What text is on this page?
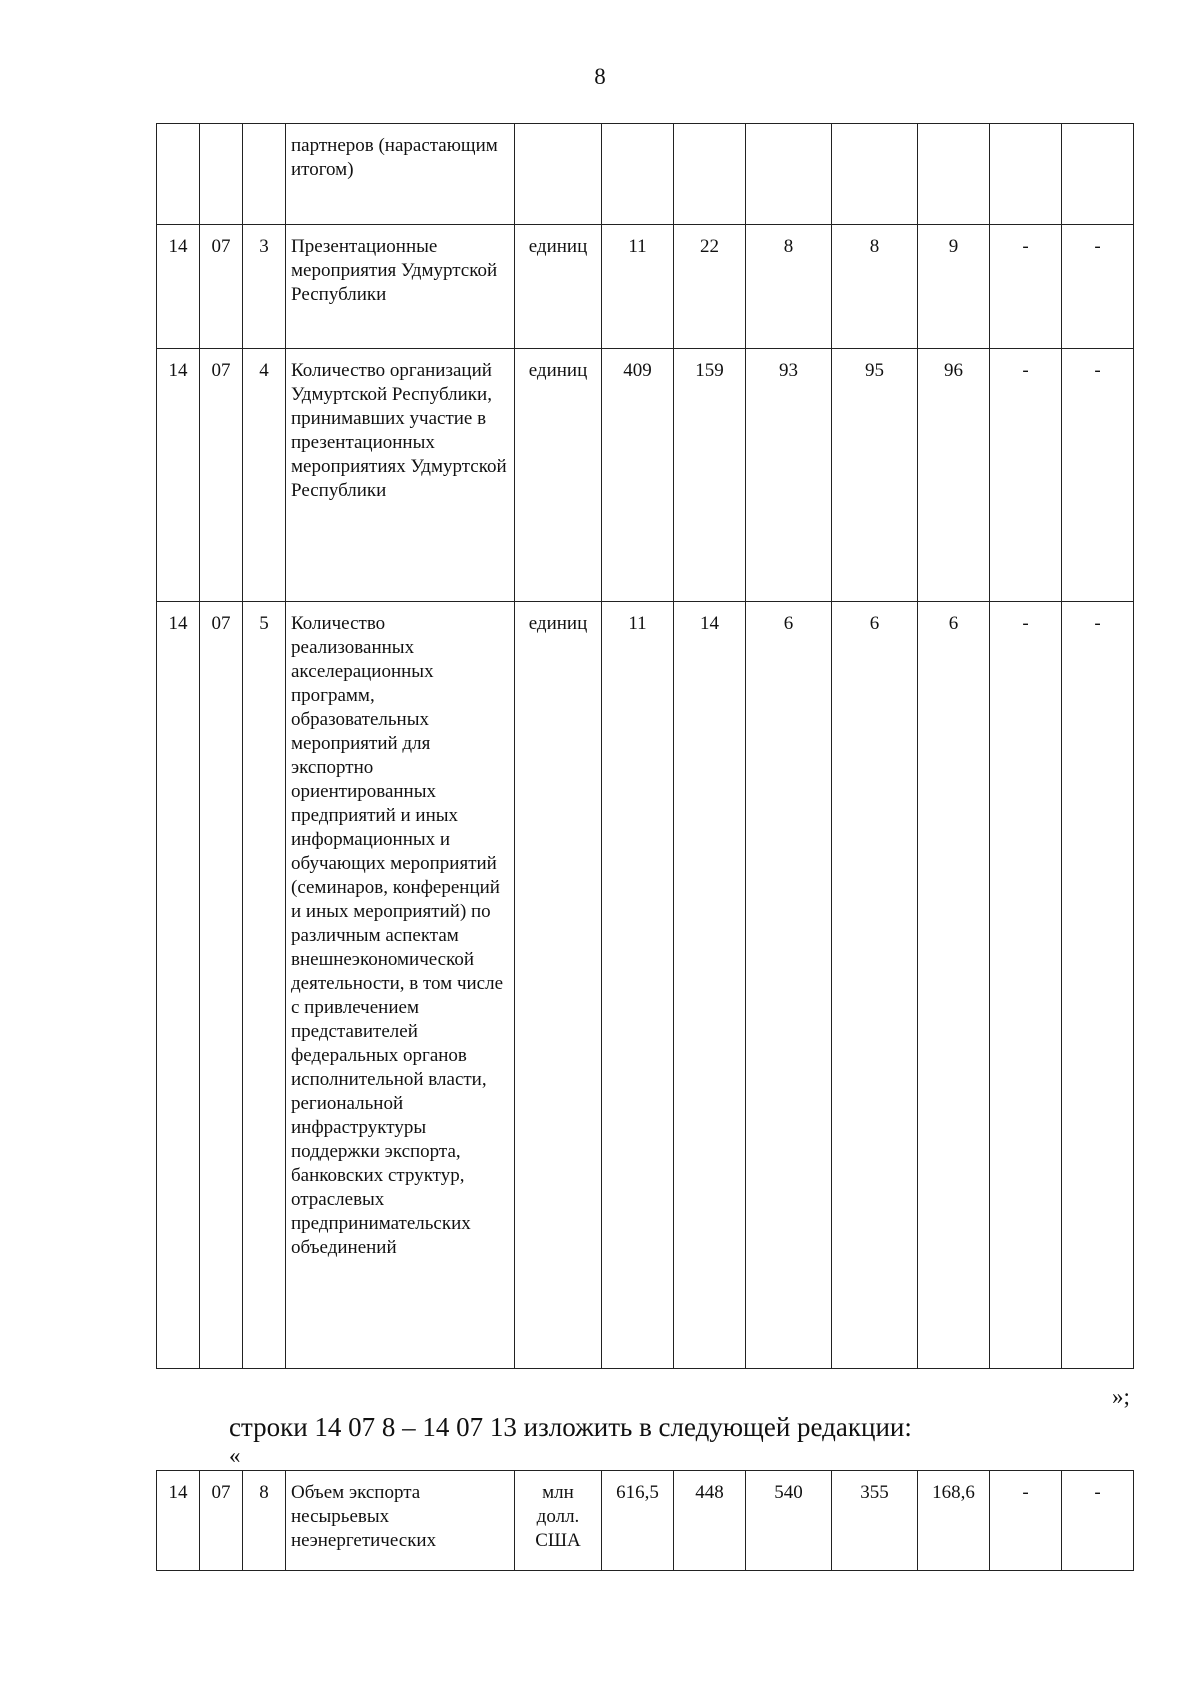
8
			партнеров (нарастающим итогом)								
14	07	3	Презентационные мероприятия Удмуртской Республики	единиц	11	22	8	8	9	-	-
14	07	4	Количество организаций Удмуртской Республики, принимавших участие в презентационных мероприятиях Удмуртской Республики	единиц	409	159	93	95	96	-	-
14	07	5	Количество реализованных акселерационных программ, образовательных мероприятий для экспортно ориентированных предприятий и иных информационных и обучающих мероприятий (семинаров, конференций и иных мероприятий) по различным аспектам внешнеэкономической деятельности, в том числе с привлечением представителей федеральных органов исполнительной власти, региональной инфраструктуры поддержки экспорта, банковских структур, отраслевых предпринимательских объединений	единиц	11	14	6	6	6	-	-
»;
строки 14 07 8 – 14 07 13 изложить в следующей редакции:
«
14	07	8	Объем экспорта несырьевых неэнергетических	млн долл. США	616,5	448	540	355	168,6	-	-
